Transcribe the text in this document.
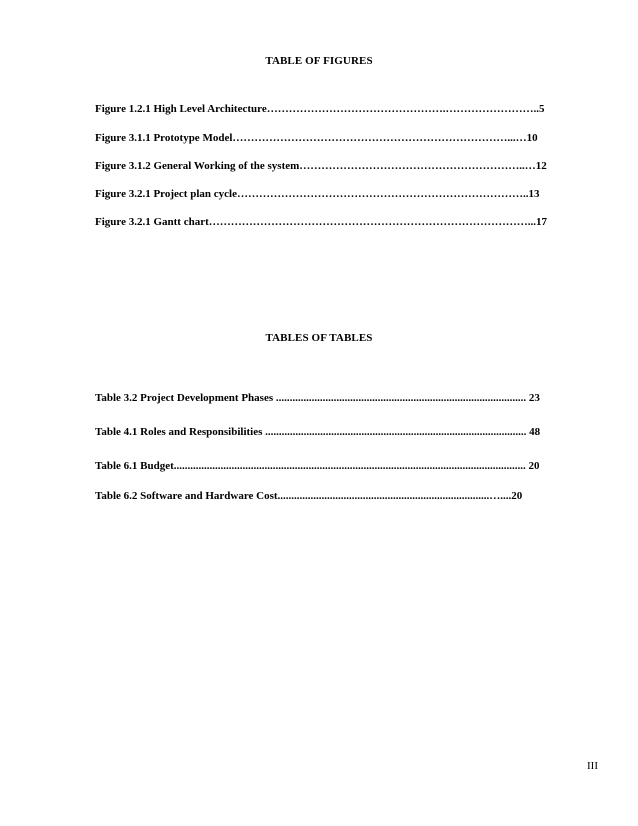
TABLE OF FIGURES
Figure 1.2.1 High Level Architecture………………………………………….……………………..5
Figure 3.1.1 Prototype Model…………………………………………………………………...…10
Figure 3.1.2 General Working of the system……………………………………………………..…12
Figure 3.2.1 Project plan cycle……………………………………………………………………..13
Figure 3.2.1 Gantt chart……………………………………………………………………………...17
TABLES OF TABLES
Table 3.2 Project Development Phases ........................................................................................... 23
Table 4.1 Roles and Responsibilities ............................................................................................... 48
Table 6.1 Budget................................................................................................................................ 20
Table 6.2 Software and Hardware Cost.............................................................................…....20
III
